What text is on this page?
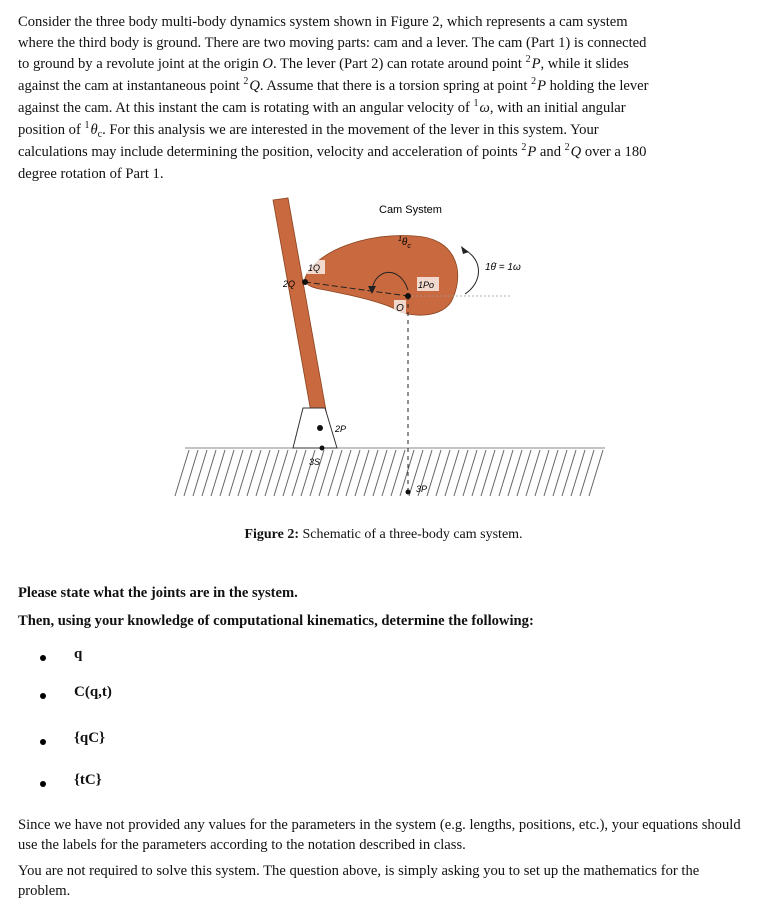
Consider the three body multi-body dynamics system shown in Figure 2, which represents a cam system
where the third body is ground. There are two moving parts: cam and a lever. The cam (Part 1) is connected
to ground by a revolute joint at the origin O. The lever (Part 2) can rotate around point $^2$P, while it slides
against the cam at instantaneous point $^2$Q. Assume that there is a torsion spring at point $^2$P holding the lever
against the cam. At this instant the cam is rotating with an angular velocity of $^1$ω, with an initial angular
position of $^1\theta_c$. For this analysis we are interested in the movement of the lever in this system. Your
calculations may include determining the position, velocity and acceleration of points $^2$P and $^2$Q over a 180
degree rotation of Part 1.
Cam System
$^1\theta_c$
1θ̇ = 1ω
1Q
2Q	1Po
O
2P
3S
3P
Figure 2: Schematic of a three-body cam system.
Please state what the joints are in the system.
Then, using your knowledge of computational kinematics, determine the following:
q
C(q,t)
{qC}
{tC}
Since we have not provided any values for the parameters in the system (e.g. lengths, positions, etc.), your equations should use the labels for the parameters according to the notation described in class.
You are not required to solve this system. The question above, is simply asking you to set up the mathematics for the problem.
